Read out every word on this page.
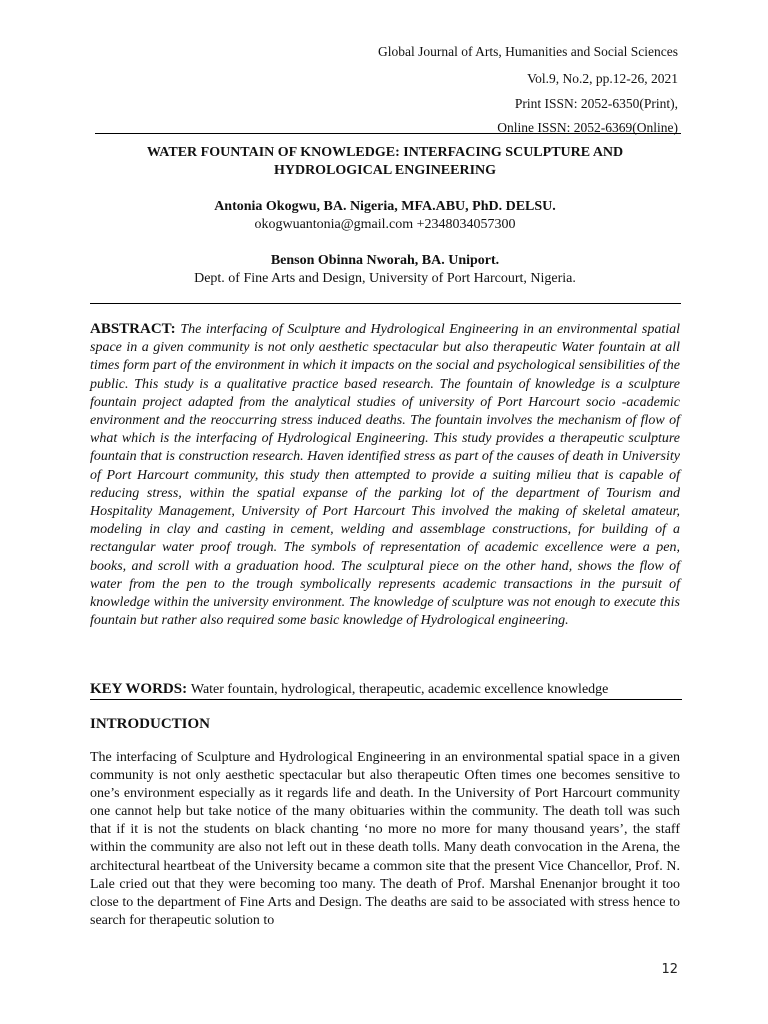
Global Journal of Arts, Humanities and Social Sciences
Vol.9, No.2, pp.12-26, 2021
Print ISSN: 2052-6350(Print),
Online ISSN: 2052-6369(Online)
WATER FOUNTAIN OF KNOWLEDGE: INTERFACING SCULPTURE AND HYDROLOGICAL ENGINEERING
Antonia Okogwu, BA. Nigeria, MFA.ABU, PhD. DELSU.
okogwuantonia@gmail.com +2348034057300
Benson Obinna Nworah, BA. Uniport.
Dept. of Fine Arts and Design, University of Port Harcourt, Nigeria.
ABSTRACT: The interfacing of Sculpture and Hydrological Engineering in an environmental spatial space in a given community is not only aesthetic spectacular but also therapeutic Water fountain at all times form part of the environment in which it impacts on the social and psychological sensibilities of the public. This study is a qualitative practice based research. The fountain of knowledge is a sculpture fountain project adapted from the analytical studies of university of Port Harcourt socio -academic environment and the reoccurring stress induced deaths. The fountain involves the mechanism of flow of what which is the interfacing of Hydrological Engineering. This study provides a therapeutic sculpture fountain that is construction research. Haven identified stress as part of the causes of death in University of Port Harcourt community, this study then attempted to provide a suiting milieu that is capable of reducing stress, within the spatial expanse of the parking lot of the department of Tourism and Hospitality Management, University of Port Harcourt This involved the making of skeletal amateur, modeling in clay and casting in cement, welding and assemblage constructions, for building of a rectangular water proof trough. The symbols of representation of academic excellence were a pen, books, and scroll with a graduation hood. The sculptural piece on the other hand, shows the flow of water from the pen to the trough symbolically represents academic transactions in the pursuit of knowledge within the university environment. The knowledge of sculpture was not enough to execute this fountain but rather also required some basic knowledge of Hydrological engineering.
KEY WORDS: Water fountain, hydrological, therapeutic, academic excellence knowledge
INTRODUCTION
The interfacing of Sculpture and Hydrological Engineering in an environmental spatial space in a given community is not only aesthetic spectacular but also therapeutic Often times one becomes sensitive to one’s environment especially as it regards life and death. In the University of Port Harcourt community one cannot help but take notice of the many obituaries within the community. The death toll was such that if it is not the students on black chanting ‘no more no more for many thousand years’, the staff within the community are also not left out in these death tolls. Many death convocation in the Arena, the architectural heartbeat of the University became a common site that the present Vice Chancellor, Prof. N. Lale cried out that they were becoming too many. The death of Prof. Marshal Enenanjor brought it too close to the department of Fine Arts and Design. The deaths are said to be associated with stress hence to search for therapeutic solution to
12
